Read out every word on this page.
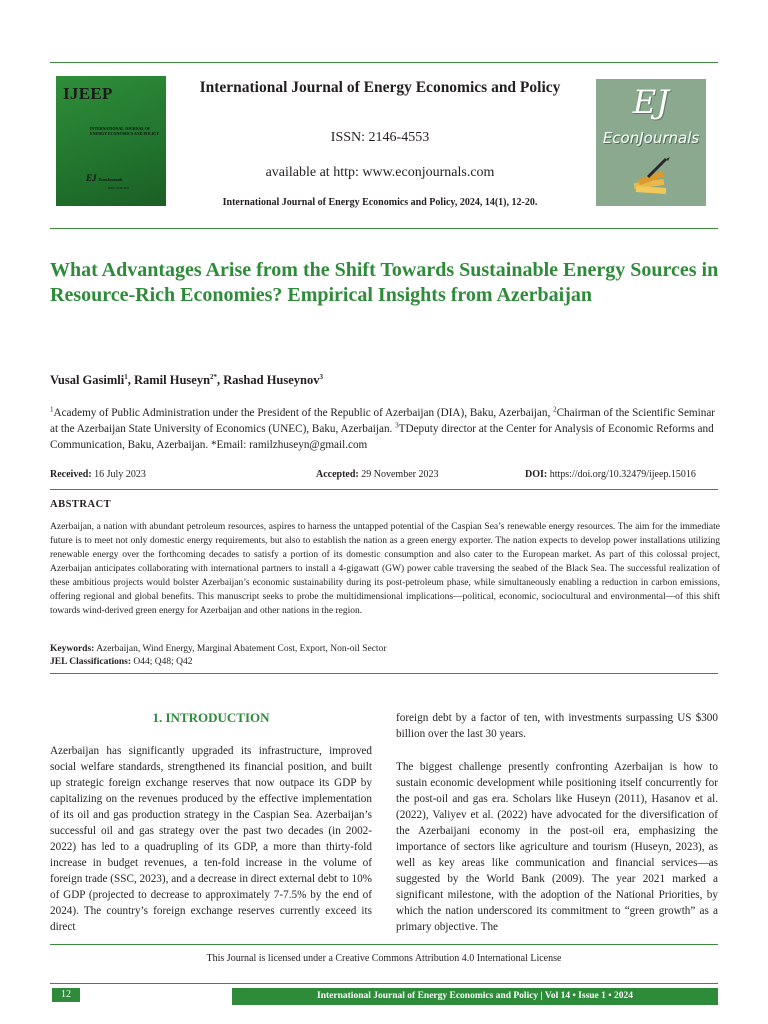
IJEEP
INTERNATIONAL JOURNAL OF ENERGY ECONOMICS AND POLICY
EJ EconJournals
ISSN: 2146-4553
International Journal of Energy Economics and Policy
ISSN: 2146-4553
available at http: www.econjournals.com
International Journal of Energy Economics and Policy, 2024, 14(1), 12-20.
EJ
EconJournals
What Advantages Arise from the Shift Towards Sustainable Energy Sources in Resource-Rich Economies? Empirical Insights from Azerbaijan
Vusal Gasimli$^1$, Ramil Huseyn$^{2*}$, Rashad Huseynov$^3$
$^1$Academy of Public Administration under the President of the Republic of Azerbaijan (DIA), Baku, Azerbaijan, $^2$Chairman of the Scientific Seminar at the Azerbaijan State University of Economics (UNEC), Baku, Azerbaijan. $^3$TDeputy director at the Center for Analysis of Economic Reforms and Communication, Baku, Azerbaijan. *Email: ramilzhuseyn@gmail.com
Received: 16 July 2023	Accepted: 29 November 2023	DOI: https://doi.org/10.32479/ijeep.15016
ABSTRACT
Azerbaijan, a nation with abundant petroleum resources, aspires to harness the untapped potential of the Caspian Sea’s renewable energy resources. The aim for the immediate future is to meet not only domestic energy requirements, but also to establish the nation as a green energy exporter. The nation expects to develop power installations utilizing renewable energy over the forthcoming decades to satisfy a portion of its domestic consumption and also cater to the European market. As part of this colossal project, Azerbaijan anticipates collaborating with international partners to install a 4-gigawatt (GW) power cable traversing the seabed of the Black Sea. The successful realization of these ambitious projects would bolster Azerbaijan’s economic sustainability during its post-petroleum phase, while simultaneously enabling a reduction in carbon emissions, offering regional and global benefits. This manuscript seeks to probe the multidimensional implications—political, economic, sociocultural and environmental—of this shift towards wind-derived green energy for Azerbaijan and other nations in the region.
Keywords: Azerbaijan, Wind Energy, Marginal Abatement Cost, Export, Non-oil Sector
JEL Classifications: O44; Q48; Q42
1. INTRODUCTION
Azerbaijan has significantly upgraded its infrastructure, improved social welfare standards, strengthened its financial position, and built up strategic foreign exchange reserves that now outpace its GDP by capitalizing on the revenues produced by the effective implementation of its oil and gas production strategy in the Caspian Sea. Azerbaijan’s successful oil and gas strategy over the past two decades (in 2002-2022) has led to a quadrupling of its GDP, a more than thirty-fold increase in budget revenues, a ten-fold increase in the volume of foreign trade (SSC, 2023), and a decrease in direct external debt to 10% of GDP (projected to decrease to approximately 7-7.5% by the end of 2024). The country’s foreign exchange reserves currently exceed its direct
foreign debt by a factor of ten, with investments surpassing US $300 billion over the last 30 years.
The biggest challenge presently confronting Azerbaijan is how to sustain economic development while positioning itself concurrently for the post-oil and gas era. Scholars like Huseyn (2011), Hasanov et al. (2022), Valiyev et al. (2022) have advocated for the diversification of the Azerbaijani economy in the post-oil era, emphasizing the importance of sectors like agriculture and tourism (Huseyn, 2023), as well as key areas like communication and financial services—as suggested by the World Bank (2009). The year 2021 marked a significant milestone, with the adoption of the National Priorities, by which the nation underscored its commitment to “green growth” as a primary objective. The
This Journal is licensed under a Creative Commons Attribution 4.0 International License
12	International Journal of Energy Economics and Policy | Vol 14 • Issue 1 • 2024
